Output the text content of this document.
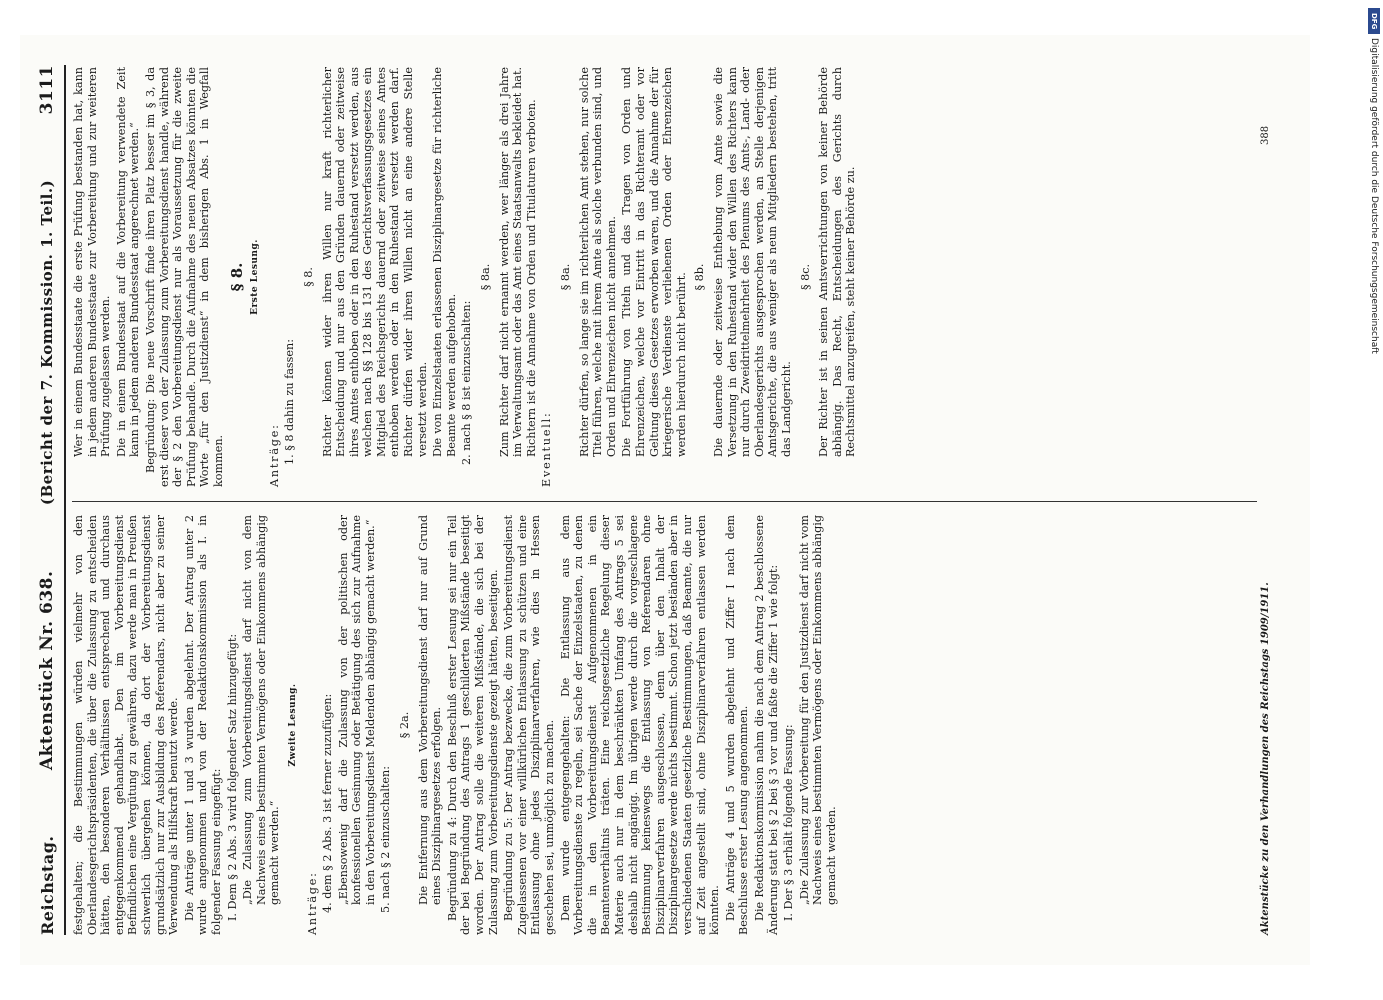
Reichstag.
Aktenstück Nr. 638.
(Bericht der 7. Kommission. 1. Teil.)
3111

festgehalten; die Bestimmungen würden vielmehr von den Oberlandesgerichtspräsidenten, die über die Zulassung zu entscheiden hätten, den besonderen Verhältnissen entsprechend und durchaus entgegenkommend gehandhabt. Den im Vorbereitungsdienst Befindlichen eine Vergütung zu gewähren, dazu werde man in Preußen schwerlich übergehen können, da dort der Vorbereitungsdienst grundsätzlich nur zur Ausbildung des Referendars, nicht aber zu seiner Verwendung als Hilfskraft benutzt werde. Die Anträge unter 1 und 3 wurden abgelehnt. Der Antrag unter 2 wurde angenommen und von der Redaktionskommission als I. in folgender Fassung eingefügt: I. Dem § 2 Abs. 3 wird folgender Satz hinzugefügt: „Die Zulassung zum Vorbereitungsdienst darf nicht von dem Nachweis eines bestimmten Vermögens oder Einkommens abhängig gemacht werden.“

Zweite Lesung.

Anträge: 4. dem § 2 Abs. 3 ist ferner zuzufügen: „Ebensowenig darf die Zulassung von der politischen oder konfessionellen Gesinnung oder Betätigung des sich zur Aufnahme in den Vorbereitungsdienst Meldenden abhängig gemacht werden.“ 5. nach § 2 einzuschalten:

§ 2a. Die Entfernung aus dem Vorbereitungsdienst darf nur auf Grund eines Disziplinargesetzes erfolgen. Begründung zu 4: Durch den Beschluß erster Lesung sei nur ein Teil der bei Begründung des Antrags 1 geschilderten Mißstände beseitigt worden. Der Antrag solle die weiteren Mißstände, die sich bei der Zulassung zum Vorbereitungsdienste gezeigt hätten, beseitigen. Begründung zu 5: Der Antrag bezwecke, die zum Vorbereitungsdienst Zugelassenen vor einer willkürlichen Entlassung zu schützen und eine Entlassung ohne jedes Disziplinarverfahren, wie dies in Hessen geschehen sei, unmöglich zu machen. Dem wurde entgegengehalten: Die Entlassung aus dem Vorbereitungsdienste zu regeln, sei Sache der Einzelstaaten, zu denen die in den Vorbereitungsdienst Aufgenommenen in ein Beamtenverhältnis träten. Eine reichsgesetzliche Regelung dieser Materie auch nur in dem beschränkten Umfang des Antrags 5 sei deshalb nicht angängig. Im übrigen werde durch die vorgeschlagene Bestimmung keineswegs die Entlassung von Referendaren ohne Disziplinarverfahren ausgeschlossen, denn über den Inhalt der Disziplinargesetze werde nichts bestimmt. Schon jetzt beständen aber in verschiedenen Staaten gesetzliche Bestimmungen, daß Beamte, die nur auf Zeit angestellt sind, ohne Disziplinarverfahren entlassen werden könnten. Die Anträge 4 und 5 wurden abgelehnt und Ziffer I nach dem Beschlusse erster Lesung angenommen. Die Redaktionskommission nahm die nach dem Antrag 2 beschlossene Änderung statt bei § 2 bei § 3 vor und faßte die Ziffer 1 wie folgt: I. Der § 3 erhält folgende Fassung: „Die Zulassung zur Vorbereitung für den Justizdienst darf nicht vom Nachweis eines bestimmten Vermögens oder Einkommens abhängig gemacht werden.

Wer in einem Bundesstaate die erste Prüfung bestanden hat, kann in jedem anderen Bundesstaate zur Vorbereitung und zur weiteren Prüfung zugelassen werden. Die in einem Bundesstaat auf die Vorbereitung verwendete Zeit kann in jedem anderen Bundesstaat angerechnet werden.“ Begründung: Die neue Vorschrift finde ihren Platz besser im § 3, da erst dieser von der Zulassung zum Vorbereitungsdienst handle, während der § 2 den Vorbereitungsdienst nur als Voraussetzung für die zweite Prüfung behandle. Durch die Aufnahme des neuen Absatzes könnten die Worte „für den Justizdienst“ in dem bisherigen Abs. 1 in Wegfall kommen.

§ 8. Erste Lesung.

Anträge: 1. § 8 dahin zu fassen:

§ 8. Richter können wider ihren Willen nur kraft richterlicher Entscheidung und nur aus den Gründen dauernd oder zeitweise ihres Amtes enthoben oder in den Ruhestand versetzt werden, aus welchen nach §§ 128 bis 131 des Gerichtsverfassungsgesetzes ein Mitglied des Reichsgerichts dauernd oder zeitweise seines Amtes enthoben werden oder in den Ruhestand versetzt werden darf. Richter dürfen wider ihren Willen nicht an eine andere Stelle versetzt werden. Die von Einzelstaaten erlassenen Disziplinargesetze für richterliche Beamte werden aufgehoben. 2. nach § 8 ist einzuschalten:

§ 8a. Zum Richter darf nicht ernannt werden, wer länger als drei Jahre im Verwaltungsamt oder das Amt eines Staatsanwalts bekleidet hat. Richtern ist die Annahme von Orden und Titulaturen verboten. Eventuell:

§ 8a. Richter dürfen, so lange sie im richterlichen Amt stehen, nur solche Titel führen, welche mit ihrem Amte als solche verbunden sind, und Orden und Ehrenzeichen nicht annehmen. Die Fortführung von Titeln und das Tragen von Orden und Ehrenzeichen, welche vor Eintritt in das Richteramt oder vor Geltung dieses Gesetzes erworben waren, und die Annahme der für kriegerische Verdienste verliehenen Orden oder Ehrenzeichen werden hierdurch nicht berührt. § 8b. Die dauernde oder zeitweise Enthebung vom Amte sowie die Versetzung in den Ruhestand wider den Willen des Richters kann nur durch Zweidrittelmehrheit des Plenums des Amts-, Land- oder Oberlandesgerichts ausgesprochen werden, an Stelle derjenigen Amtsgerichte, die aus weniger als neun Mitgliedern bestehen, tritt das Landgericht.

§ 8c. Der Richter ist in seinen Amtsverrichtungen von keiner Behörde abhängig. Das Recht, Entscheidungen des Gerichts durch Rechtsmittel anzugreifen, steht keiner Behörde zu.

Aktenstücke zu den Verhandlungen des Reichstags 1909/1911.
388
DFG
Digitalisierung gefördert durch die Deutsche Forschungsgemeinschaft
